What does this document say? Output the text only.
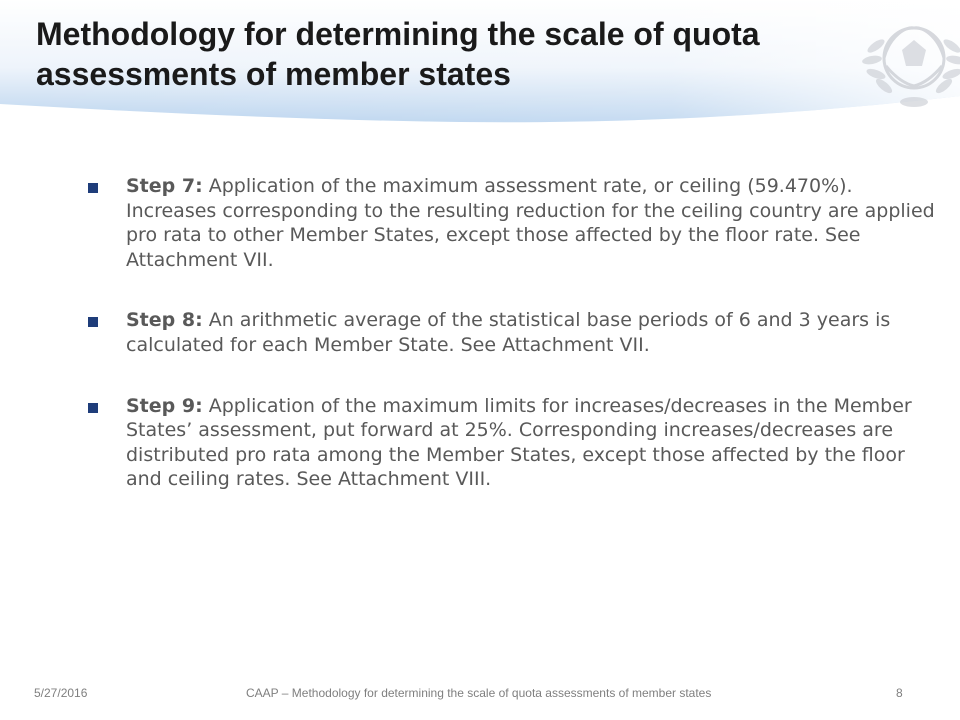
Methodology for determining the scale of quota assessments of member states
Step 7: Application of the maximum assessment rate, or ceiling (59.470%). Increases corresponding to the resulting reduction for the ceiling country are applied pro rata to other Member States, except those affected by the floor rate. See Attachment VII.
Step 8: An arithmetic average of the statistical base periods of 6 and 3 years is calculated for each Member State. See Attachment VII.
Step 9: Application of the maximum limits for increases/decreases in the Member States’ assessment, put forward at 25%. Corresponding increases/decreases are distributed pro rata among the Member States, except those affected by the floor and ceiling rates. See Attachment VIII.
5/27/2016	CAAP – Methodology for determining the scale of quota assessments of member states	8
